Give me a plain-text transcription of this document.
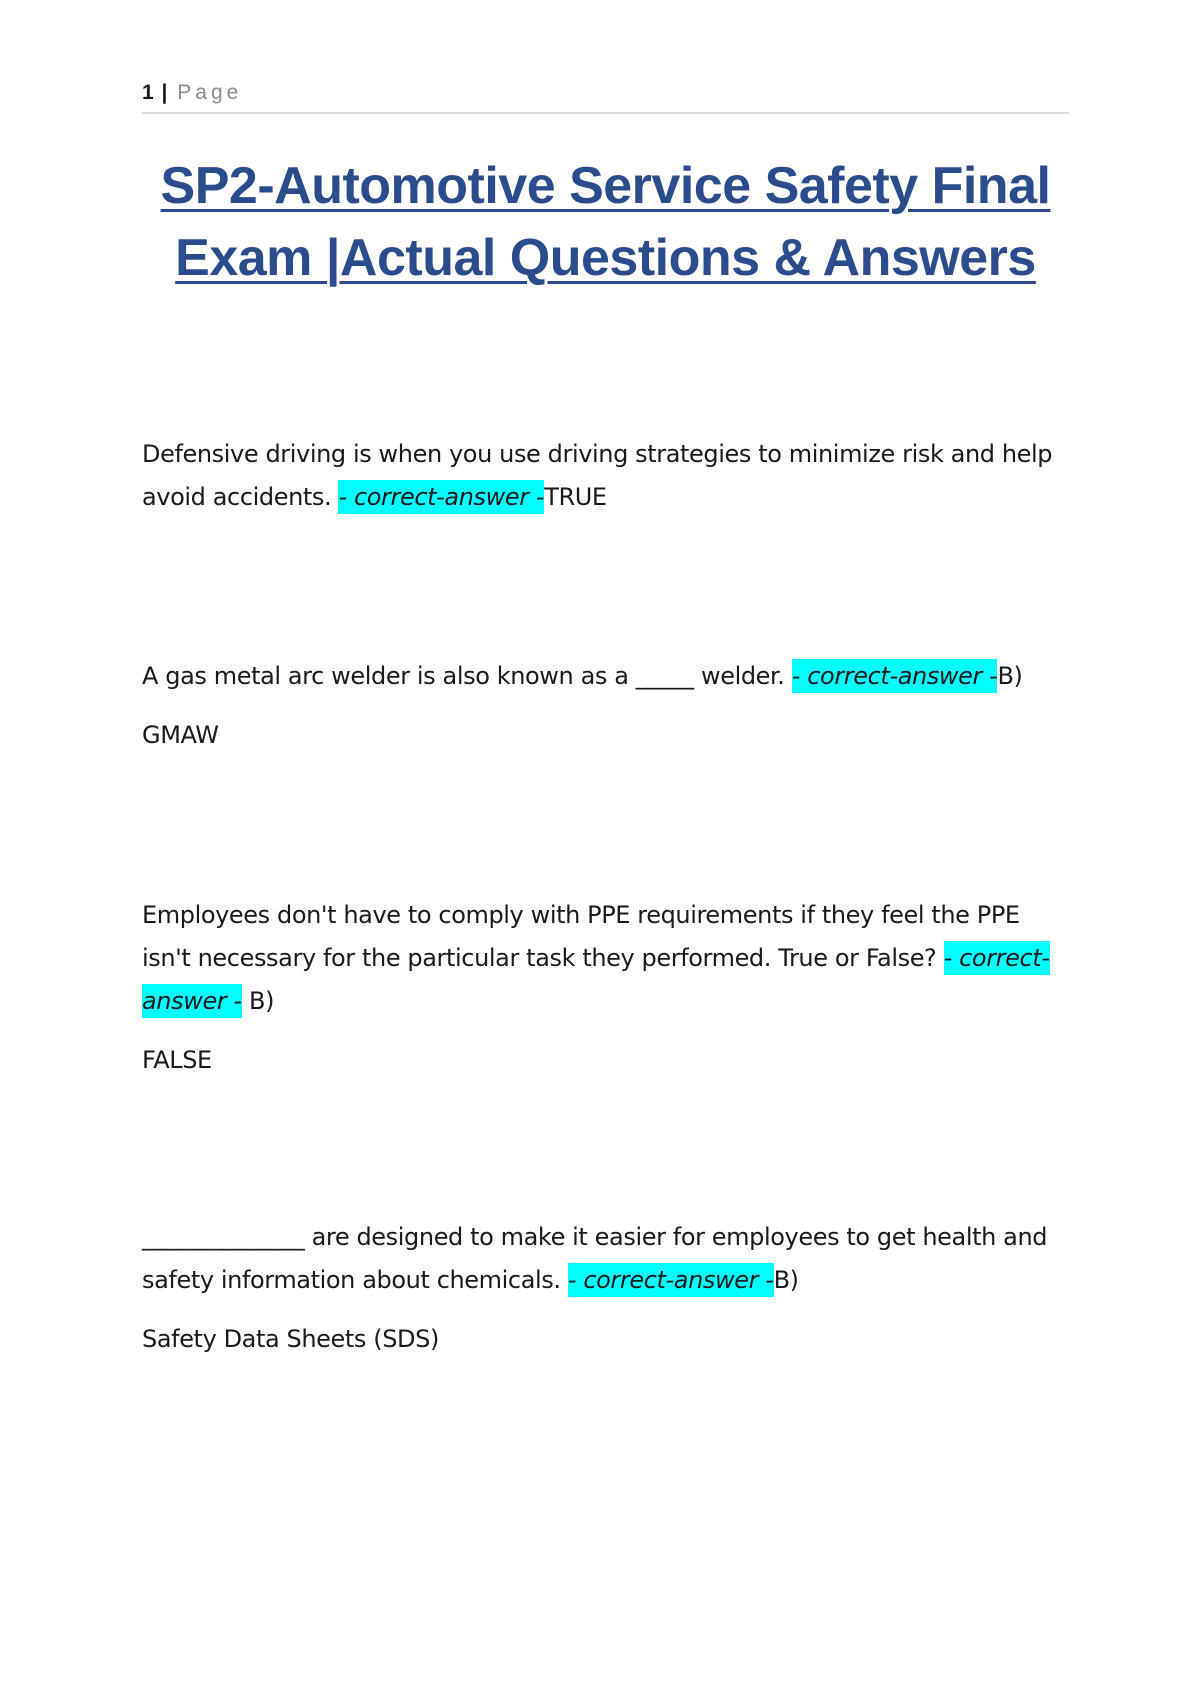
1 | Page
SP2-Automotive Service Safety Final
Exam |Actual Questions & Answers

Defensive driving is when you use driving strategies to minimize risk and help avoid accidents. - correct-answer -TRUE

A gas metal arc welder is also known as a _____ welder. - correct-answer -B)

GMAW

Employees don't have to comply with PPE requirements if they feel the PPE isn't necessary for the particular task they performed. True or False? - correct-answer - B)

FALSE

______________ are designed to make it easier for employees to get health and safety information about chemicals. - correct-answer -B)

Safety Data Sheets (SDS)
